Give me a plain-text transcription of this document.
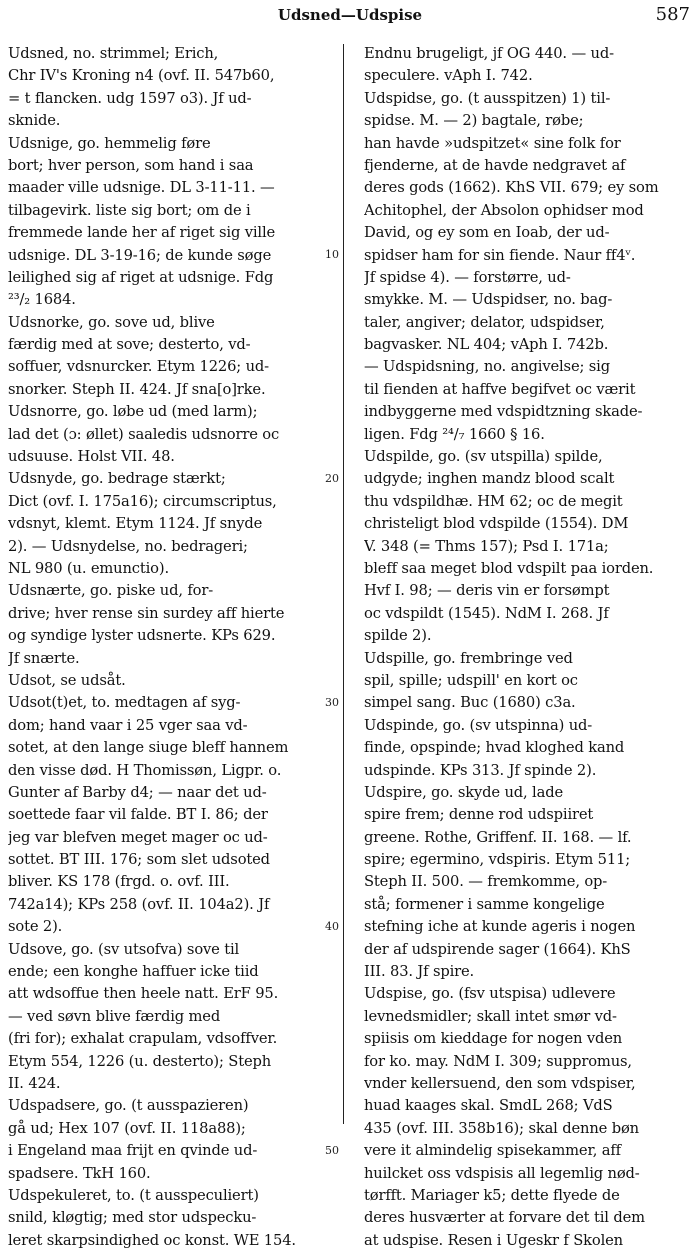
Udsned—Udspise	587
Udsned, no. strimmel; Erich,
Chr IV's Kroning n4 (ovf. II. 547b60,
= t flancken. udg 1597 o3). Jf ud-
sknide.
Udsnige, go. hemmelig føre
bort; hver person, som hand i saa
maader ville udsnige. DL 3-11-11. —
tilbagevirk. liste sig bort; om de i
fremmede lande her af riget sig ville
udsnige. DL 3-19-16; de kunde søge
leilighed sig af riget at udsnige. Fdg
²³/₂ 1684.
Udsnorke, go. sove ud, blive
færdig med at sove; desterto, vd-
soffuer, vdsnurcker. Etym 1226; ud-
snorker. Steph II. 424. Jf sna[o]rke.
Udsnorre, go. løbe ud (med larm);
lad det (ɔ: øllet) saaledis udsnorre oc
udsuuse. Holst VII. 48.
Udsnyde, go. bedrage stærkt;
Dict (ovf. I. 175a16); circumscriptus,
vdsnyt, klemt. Etym 1124. Jf snyde
2). — Udsnydelse, no. bedrageri;
NL 980 (u. emunctio).
Udsnærte, go. piske ud, for-
drive; hver rense sin surdey aff hierte
og syndige lyster udsnerte. KPs 629.
Jf snærte.
Udsot, se udsåt.
Udsot(t)et, to. medtagen af syg-
dom; hand vaar i 25 vger saa vd-
sotet, at den lange siuge bleff hannem
den visse død. H Thomissøn, Ligpr. o.
Gunter af Barby d4; — naar det ud-
soettede faar vil falde. BT I. 86; der
jeg var blefven meget mager oc ud-
sottet. BT III. 176; som slet udsoted
bliver. KS 178 (frgd. o. ovf. III.
742a14); KPs 258 (ovf. II. 104a2). Jf
sote 2).
Udsove, go. (sv utsofva) sove til
ende; een konghe haffuer icke tiid
att wdsoffue then heele natt. ErF 95.
— ved søvn blive færdig med
(fri for); exhalat crapulam, vdsoffver.
Etym 554, 1226 (u. desterto); Steph
II. 424.
Udspadsere, go. (t ausspazieren)
gå ud; Hex 107 (ovf. II. 118a88);
i Engeland maa frijt en qvinde ud-
spadsere. TkH 160.
Udspekuleret, to. (t ausspeculiert)
snild, kløgtig; med stor udspecku-
leret skarpsindighed oc konst. WE 154.
10
20
30
40
50
Endnu brugeligt, jf OG 440. — ud-
speculere. vAph I. 742.
Udspidse, go. (t ausspitzen) 1) til-
spidse. M. — 2) bagtale, røbe;
han havde »udspitzet« sine folk for
fjenderne, at de havde nedgravet af
deres gods (1662). KhS VII. 679; ey som
Achitophel, der Absolon ophidser mod
David, og ey som en Ioab, der ud-
spidser ham for sin fiende. Naur ff4ᵛ.
Jf spidse 4). — forstørre, ud-
smykke. M. — Udspidser, no. bag-
taler, angiver; delator, udspidser,
bagvasker. NL 404; vAph I. 742b.
— Udspidsning, no. angivelse; sig
til fienden at haffve begifvet oc værit
indbyggerne med vdspidtzning skade-
ligen. Fdg ²⁴/₇ 1660 § 16.
Udspilde, go. (sv utspilla) spilde,
udgyde; inghen mandz blood scalt
thu vdspildhæ. HM 62; oc de megit
christeligt blod vdspilde (1554). DM
V. 348 (= Thms 157); Psd I. 171a;
bleff saa meget blod vdspilt paa iorden.
Hvf I. 98; — deris vin er forsømpt
oc vdspildt (1545). NdM I. 268. Jf
spilde 2).
Udspille, go. frembringe ved
spil, spille; udspill' en kort oc
simpel sang. Buc (1680) c3a.
Udspinde, go. (sv utspinna) ud-
finde, opspinde; hvad kloghed kand
udspinde. KPs 313. Jf spinde 2).
Udspire, go. skyde ud, lade
spire frem; denne rod udspiiret
greene. Rothe, Griffenf. II. 168. — lf.
spire; egermino, vdspiris. Etym 511;
Steph II. 500. — fremkomme, op-
stå; formener i samme kongelige
stefning iche at kunde ageris i nogen
der af udspirende sager (1664). KhS
III. 83. Jf spire.
Udspise, go. (fsv utspisa) udlevere
levnedsmidler; skall intet smør vd-
spiisis om kieddage for nogen vden
for ko. may. NdM I. 309; suppromus,
vnder kellersuend, den som vdspiser,
huad kaages skal. SmdL 268; VdS
435 (ovf. III. 358b16); skal denne bøn
vere it almindelig spisekammer, aff
huilcket oss vdspisis all legemlig nød-
tørfft. Mariager k5; dette flyede de
deres husværter at forvare det til dem
at udspise. Resen i Ugeskr f Skolen
